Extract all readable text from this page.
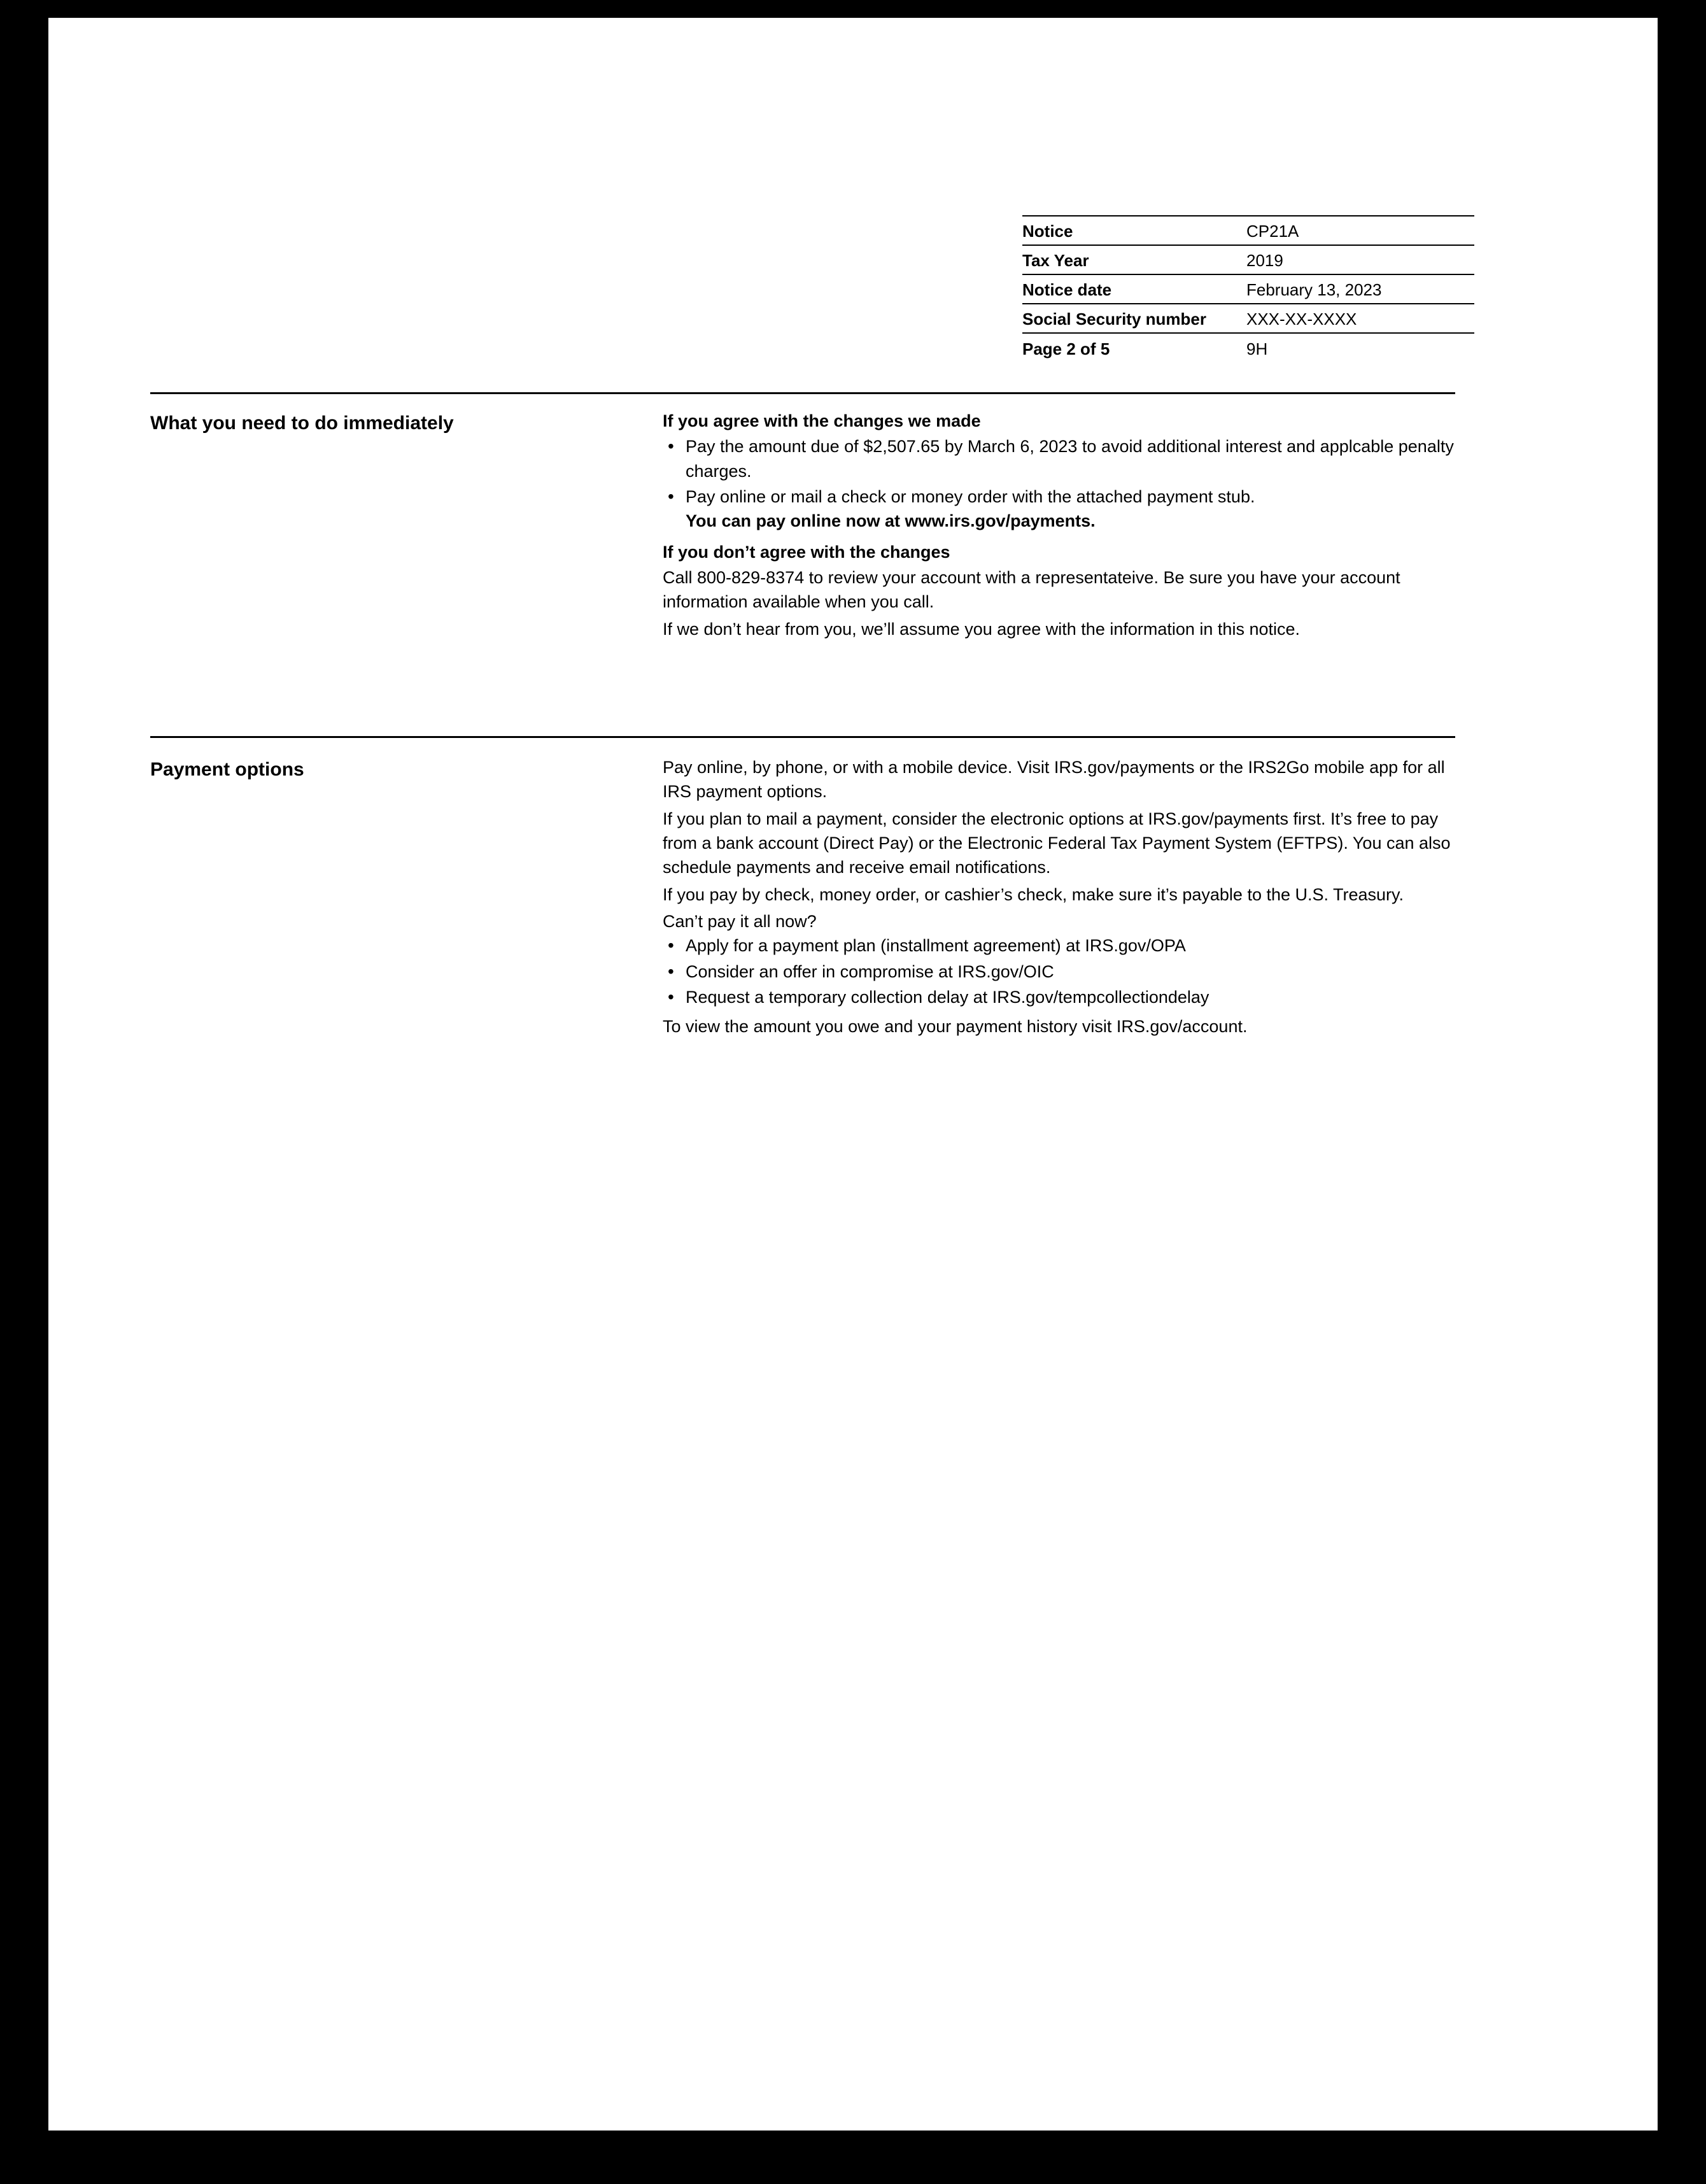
Notice	CP21A
Tax Year	2019
Notice date	February 13, 2023
Social Security number	XXX-XX-XXXX
Page 2 of 5	9H
What you need to do immediately	If you agree with the changes we made

• Pay the amount due of $2,507.65 by March 6, 2023 to avoid additional interest and applcable penalty charges.
• Pay online or mail a check or money order with the attached payment stub.
You can pay online now at www.irs.gov/payments.

If you don’t agree with the changes

Call 800-829-8374 to review your account with a representateive. Be sure you have your account information available when you call.

If we don’t hear from you, we’ll assume you agree with the information in this notice.

Payment options	Pay online, by phone, or with a mobile device. Visit IRS.gov/payments or the IRS2Go mobile app for all IRS payment options.

If you plan to mail a payment, consider the electronic options at IRS.gov/payments first. It’s free to pay from a bank account (Direct Pay) or the Electronic Federal Tax Payment System (EFTPS). You can also schedule payments and receive email notifications.

If you pay by check, money order, or cashier’s check, make sure it’s payable to the U.S. Treasury.

Can’t pay it all now?

• Apply for a payment plan (installment agreement) at IRS.gov/OPA
• Consider an offer in compromise at IRS.gov/OIC
• Request a temporary collection delay at IRS.gov/tempcollectiondelay

To view the amount you owe and your payment history visit IRS.gov/account.
